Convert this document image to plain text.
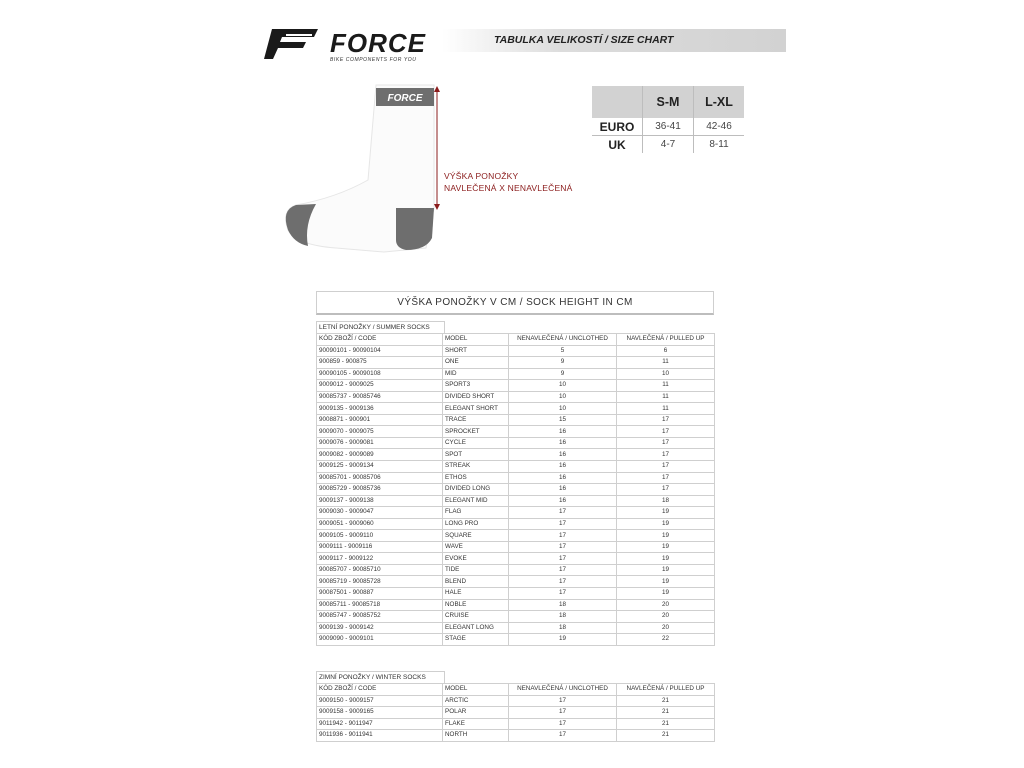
FORCE
BIKE COMPONENTS FOR YOU
TABULKA VELIKOSTÍ / SIZE CHART
FORCE
VÝŠKA PONOŽKY
NAVLEČENÁ X NENAVLEČENÁ
	S-M	L-XL
EURO	36-41	42-46
UK	4-7	8-11
VÝŠKA PONOŽKY V CM / SOCK HEIGHT IN CM
LETNÍ PONOŽKY / SUMMER SOCKS
KÓD ZBOŽÍ / CODE	MODEL	NENAVLEČENÁ / UNCLOTHED	NAVLEČENÁ / PULLED UP
90090101 - 90090104	SHORT	5	6
900859 - 900875	ONE	9	11
90090105 - 90090108	MID	9	10
9009012 - 9009025	SPORT3	10	11
90085737 - 90085746	DIVIDED SHORT	10	11
9009135 - 9009136	ELEGANT SHORT	10	11
9008871 - 900901	TRACE	15	17
9009070 - 9009075	SPROCKET	16	17
9009076 - 9009081	CYCLE	16	17
9009082 - 9009089	SPOT	16	17
9009125 - 9009134	STREAK	16	17
90085701 - 90085706	ETHOS	16	17
90085729 - 90085736	DIVIDED LONG	16	17
9009137 - 9009138	ELEGANT MID	16	18
9009030 - 9009047	FLAG	17	19
9009051 - 9009060	LONG PRO	17	19
9009105 - 9009110	SQUARE	17	19
9009111 - 9009116	WAVE	17	19
9009117 - 9009122	EVOKE	17	19
90085707 - 90085710	TIDE	17	19
90085719 - 90085728	BLEND	17	19
90087501 - 900887	HALE	17	19
90085711 - 90085718	NOBLE	18	20
90085747 - 90085752	CRUISE	18	20
9009139 - 9009142	ELEGANT LONG	18	20
9009090 - 9009101	STAGE	19	22
ZIMNÍ PONOŽKY / WINTER SOCKS
KÓD ZBOŽÍ / CODE	MODEL	NENAVLEČENÁ / UNCLOTHED	NAVLEČENÁ / PULLED UP
9009150 - 9009157	ARCTIC	17	21
9009158 - 9009165	POLAR	17	21
9011942 - 9011947	FLAKE	17	21
9011936 - 9011941	NORTH	17	21
